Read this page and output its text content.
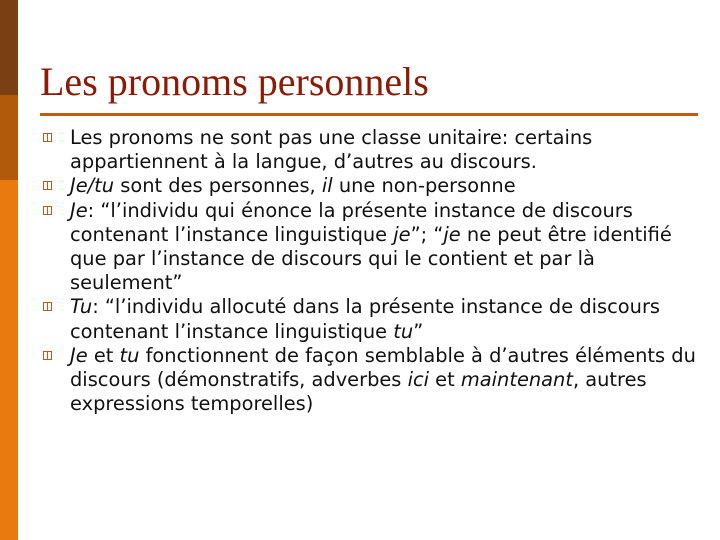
Les pronoms personnels
Les pronoms ne sont pas une classe unitaire: certains appartiennent à la langue, d’autres au discours.
Je/tu sont des personnes, il une non-personne
Je: “l’individu qui énonce la présente instance de discours contenant l’instance linguistique je”; “je ne peut être identifié que par l’instance de discours qui le contient et par là seulement”
Tu: “l’individu allocuté dans la présente instance de discours contenant l’instance linguistique tu”
Je et tu fonctionnent de façon semblable à d’autres éléments du discours (démonstratifs, adverbes ici et maintenant, autres expressions temporelles)
